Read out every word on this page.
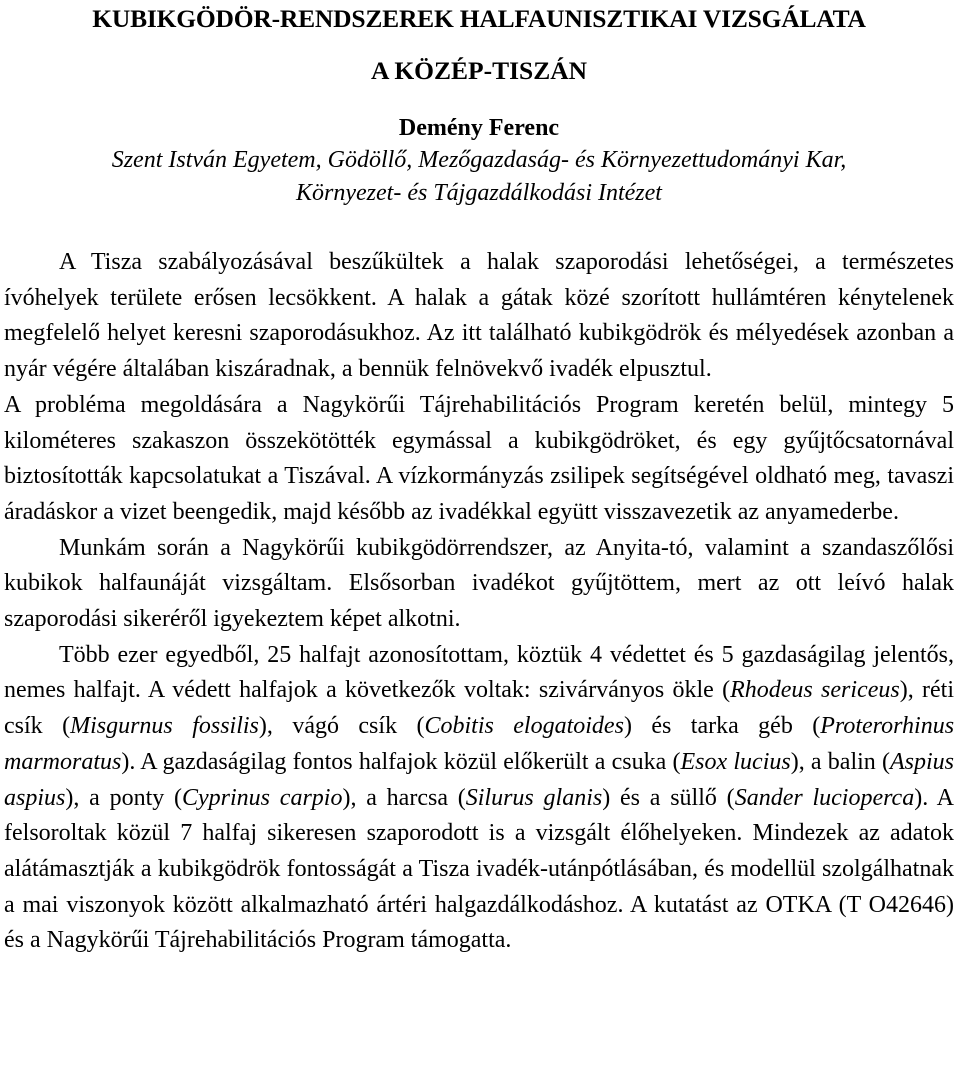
KUBIKGÖDÖR-RENDSZEREK HALFAUNISZTIKAI VIZSGÁLATA
A KÖZÉP-TISZÁN
Demény Ferenc
Szent István Egyetem, Gödöllő, Mezőgazdaság- és Környezettudományi Kar,
Környezet- és Tájgazdálkodási Intézet

A Tisza szabályozásával beszűkültek a halak szaporodási lehetőségei, a természetes ívóhelyek területe erősen lecsökkent. A halak a gátak közé szorított hullámtéren kénytelenek megfelelő helyet keresni szaporodásukhoz. Az itt található kubikgödrök és mélyedések azonban a nyár végére általában kiszáradnak, a bennük felnövekvő ivadék elpusztul.

A probléma megoldására a Nagykörűi Tájrehabilitációs Program keretén belül, mintegy 5 kilométeres szakaszon összekötötték egymással a kubikgödröket, és egy gyűjtőcsatornával biztosították kapcsolatukat a Tiszával. A vízkormányzás zsilipek segítségével oldható meg, tavaszi áradáskor a vizet beengedik, majd később az ivadékkal együtt visszavezetik az anyamederbe.

Munkám során a Nagykörűi kubikgödörrendszer, az Anyita-tó, valamint a szandaszőlősi kubikok halfaunáját vizsgáltam. Elsősorban ivadékot gyűjtöttem, mert az ott leívó halak szaporodási sikeréről igyekeztem képet alkotni.

Több ezer egyedből, 25 halfajt azonosítottam, köztük 4 védettet és 5 gazdaságilag jelentős, nemes halfajt. A védett halfajok a következők voltak: szivárványos ökle (Rhodeus sericeus), réti csík (Misgurnus fossilis), vágó csík (Cobitis elogatoides) és tarka géb (Proterorhinus marmoratus). A gazdaságilag fontos halfajok közül előkerült a csuka (Esox lucius), a balin (Aspius aspius), a ponty (Cyprinus carpio), a harcsa (Silurus glanis) és a süllő (Sander lucioperca). A felsoroltak közül 7 halfaj sikeresen szaporodott is a vizsgált élőhelyeken. Mindezek az adatok alátámasztják a kubikgödrök fontosságát a Tisza ivadék-utánpótlásában, és modellül szolgálhatnak a mai viszonyok között alkalmazható ártéri halgazdálkodáshoz. A kutatást az OTKA (T O42646) és a Nagykörűi Tájrehabilitációs Program támogatta.
